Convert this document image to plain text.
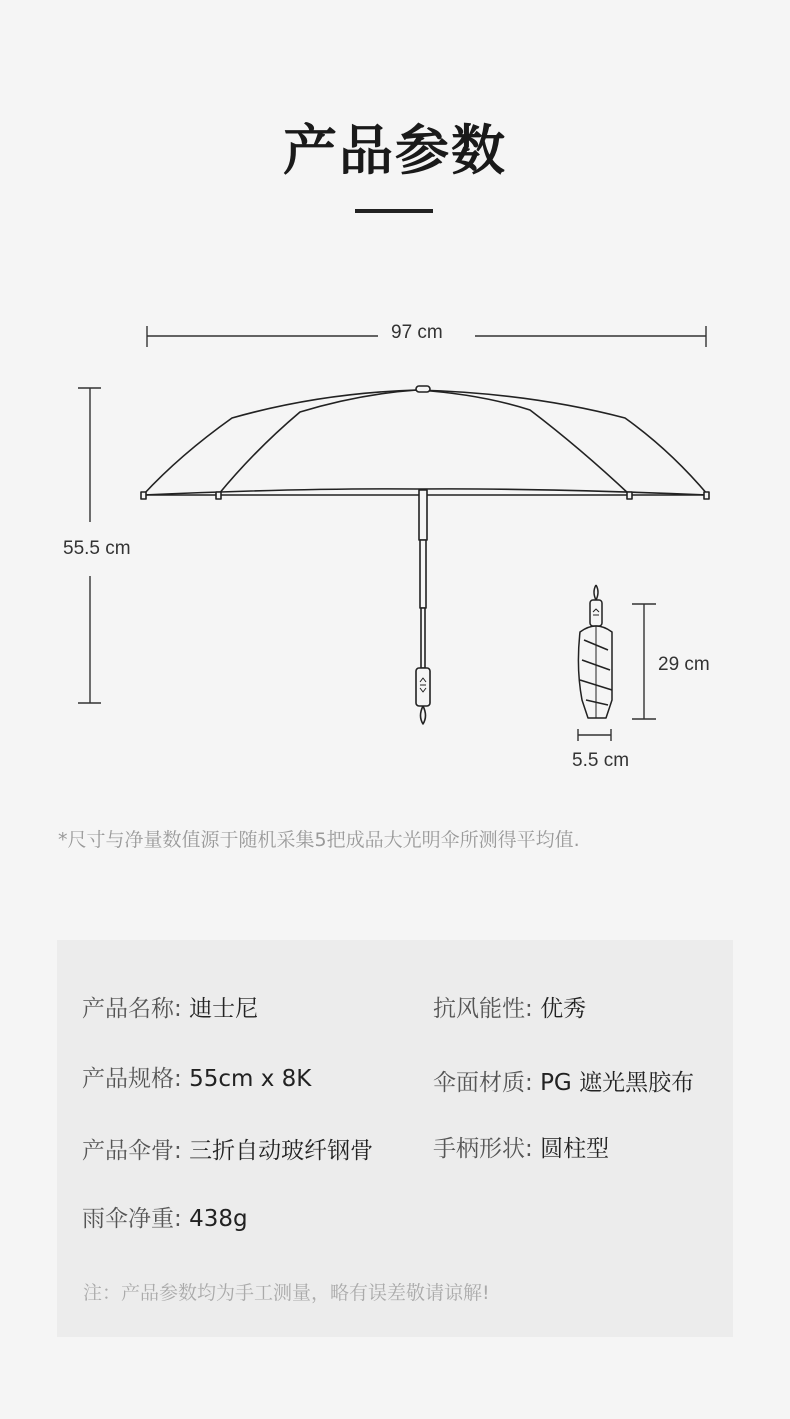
产品参数
97 cm
55.5 cm
29 cm
5.5 cm
*尺寸与净量数值源于随机采集5把成品大光明伞所测得平均值.
产品名称: 迪士尼	抗风能性: 优秀
产品规格: 55cm x 8K	伞面材质: PG 遮光黑胶布
产品伞骨: 三折自动玻纤钢骨	手柄形状: 圆柱型
雨伞净重: 438g
注：产品参数均为手工测量，略有误差敬请谅解!
